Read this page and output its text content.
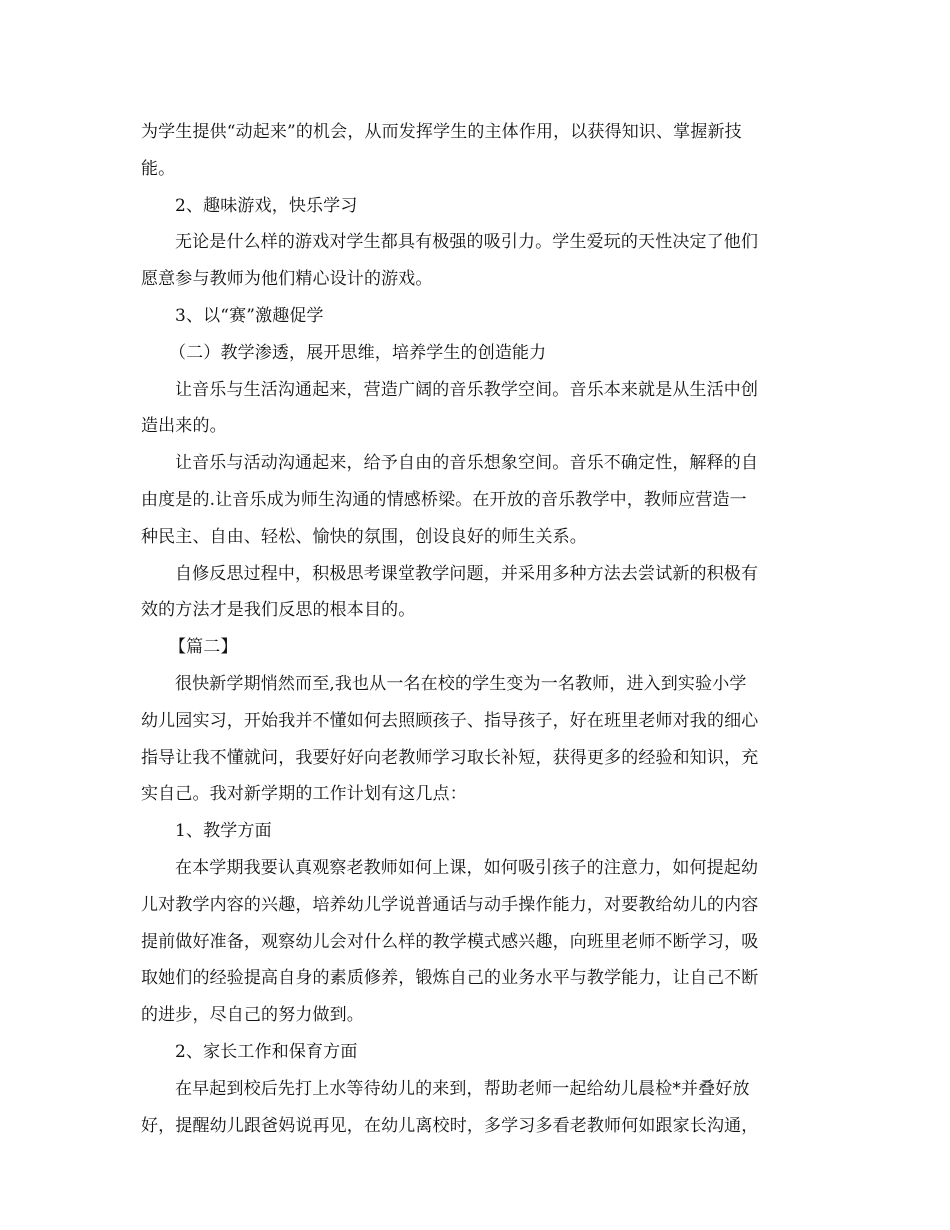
为学生提供“动起来”的机会，从而发挥学生的主体作用，以获得知识、掌握新技
能。
2、趣味游戏，快乐学习
无论是什么样的游戏对学生都具有极强的吸引力。学生爱玩的天性决定了他们
愿意参与教师为他们精心设计的游戏。
3、以“赛”激趣促学
（二）教学渗透，展开思维，培养学生的创造能力
让音乐与生活沟通起来，营造广阔的音乐教学空间。音乐本来就是从生活中创
造出来的。
让音乐与活动沟通起来，给予自由的音乐想象空间。音乐不确定性，解释的自
由度是的.让音乐成为师生沟通的情感桥梁。在开放的音乐教学中，教师应营造一
种民主、自由、轻松、愉快的氛围，创设良好的师生关系。
自修反思过程中，积极思考课堂教学问题，并采用多种方法去尝试新的积极有
效的方法才是我们反思的根本目的。
【篇二】
很快新学期悄然而至,我也从一名在校的学生变为一名教师，进入到实验小学
幼儿园实习，开始我并不懂如何去照顾孩子、指导孩子，好在班里老师对我的细心
指导让我不懂就问，我要好好向老教师学习取长补短，获得更多的经验和知识，充
实自己。我对新学期的工作计划有这几点：
1、教学方面
在本学期我要认真观察老教师如何上课，如何吸引孩子的注意力，如何提起幼
儿对教学内容的兴趣，培养幼儿学说普通话与动手操作能力，对要教给幼儿的内容
提前做好准备，观察幼儿会对什么样的教学模式感兴趣，向班里老师不断学习，吸
取她们的经验提高自身的素质修养，锻炼自己的业务水平与教学能力，让自己不断
的进步，尽自己的努力做到。
2、家长工作和保育方面
在早起到校后先打上水等待幼儿的来到，帮助老师一起给幼儿晨检*并叠好放
好，提醒幼儿跟爸妈说再见，在幼儿离校时，多学习多看老教师何如跟家长沟通，
